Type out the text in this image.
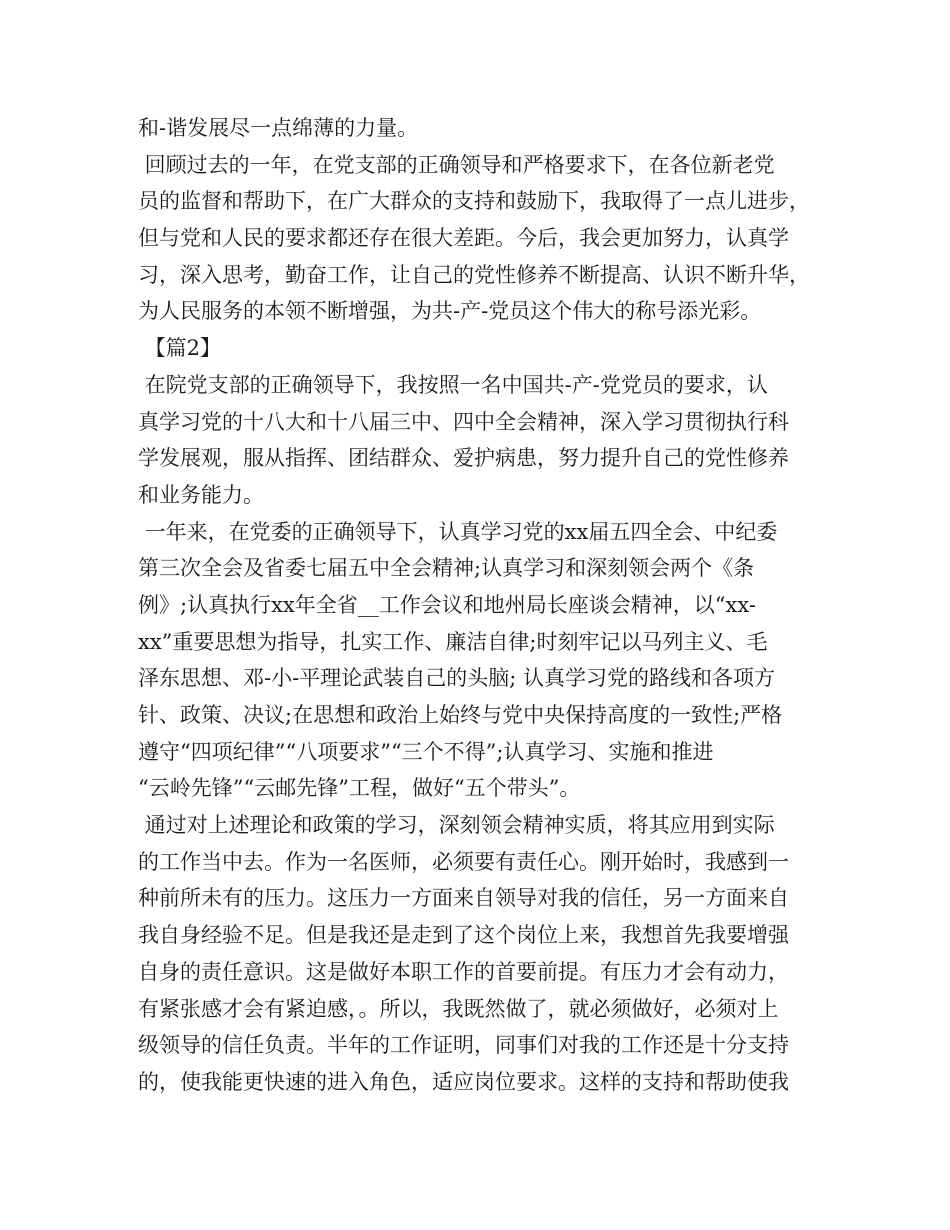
和-谐发展尽一点绵薄的力量。
回顾过去的一年，在党支部的正确领导和严格要求下，在各位新老党
员的监督和帮助下，在广大群众的支持和鼓励下，我取得了一点儿进步，
但与党和人民的要求都还存在很大差距。今后，我会更加努力，认真学
习，深入思考，勤奋工作，让自己的党性修养不断提高、认识不断升华，
为人民服务的本领不断增强，为共-产-党员这个伟大的称号添光彩。
【篇2】
在院党支部的正确领导下，我按照一名中国共-产-党党员的要求，认
真学习党的十八大和十八届三中、四中全会精神，深入学习贯彻执行科
学发展观，服从指挥、团结群众、爱护病患，努力提升自己的党性修养
和业务能力。
一年来，在党委的正确领导下，认真学习党的xx届五四全会、中纪委
第三次全会及省委七届五中全会精神;认真学习和深刻领会两个《条
例》;认真执行xx年全省__工作会议和地州局长座谈会精神，以“xx-
xx”重要思想为指导，扎实工作、廉洁自律;时刻牢记以马列主义、毛
泽东思想、邓-小-平理论武装自己的头脑; 认真学习党的路线和各项方
针、政策、决议;在思想和政治上始终与党中央保持高度的一致性;严格
遵守“四项纪律”“八项要求”“三个不得”;认真学习、实施和推进
“云岭先锋”“云邮先锋”工程，做好“五个带头”。
通过对上述理论和政策的学习，深刻领会精神实质，将其应用到实际
的工作当中去。作为一名医师，必须要有责任心。刚开始时，我感到一
种前所未有的压力。这压力一方面来自领导对我的信任，另一方面来自
我自身经验不足。但是我还是走到了这个岗位上来，我想首先我要增强
自身的责任意识。这是做好本职工作的首要前提。有压力才会有动力，
有紧张感才会有紧迫感，。所以，我既然做了，就必须做好，必须对上
级领导的信任负责。半年的工作证明，同事们对我的工作还是十分支持
的，使我能更快速的进入角色，适应岗位要求。这样的支持和帮助使我
